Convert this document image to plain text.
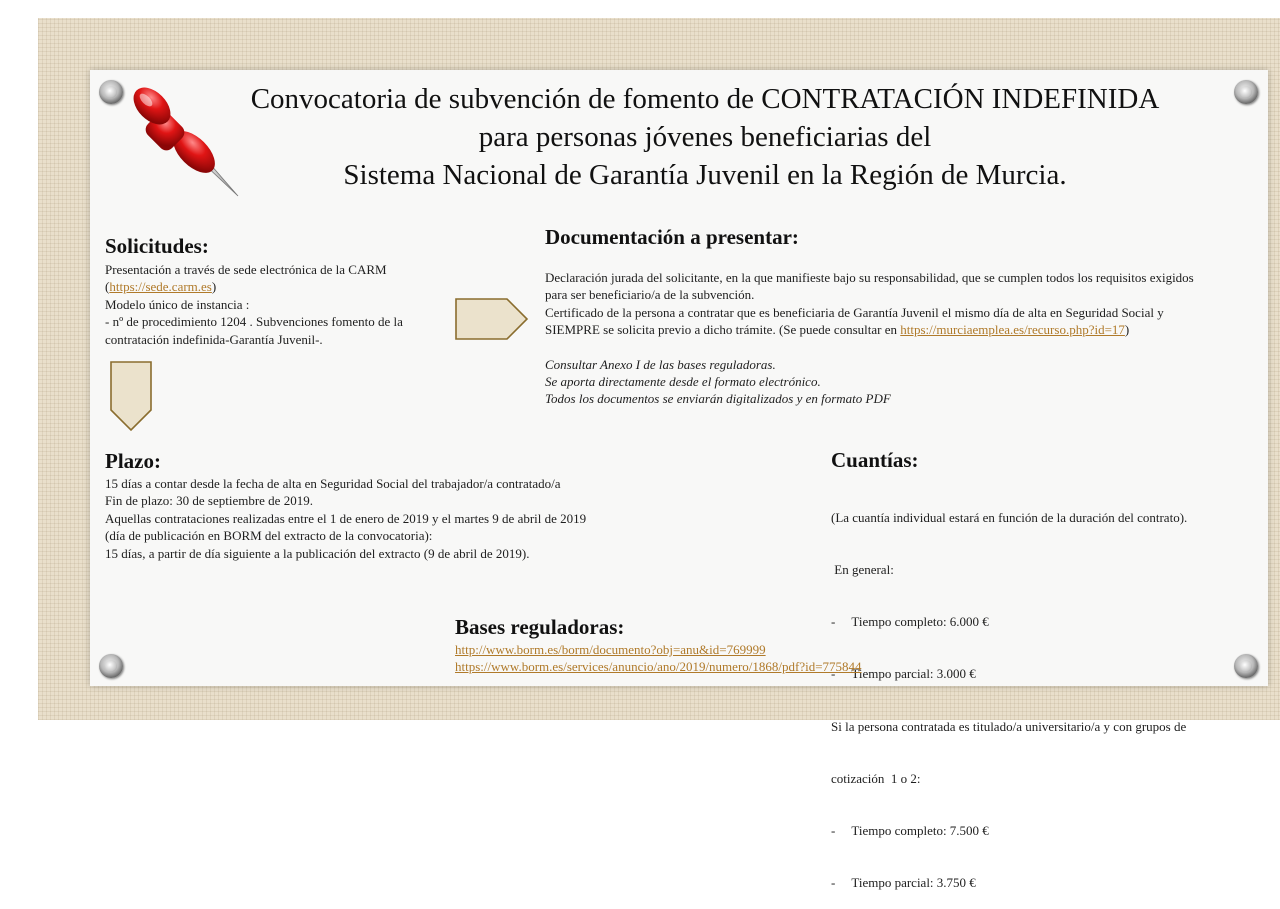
Convocatoria de subvención de fomento de CONTRATACIÓN INDEFINIDA
para personas jóvenes beneficiarias del
Sistema Nacional de Garantía Juvenil en la Región de Murcia.
Solicitudes:

Presentación a través de sede electrónica de la CARM

(https://sede.carm.es)

Modelo único de instancia :

- nº de procedimiento 1204 . Subvenciones fomento de la

contratación indefinida-Garantía Juvenil-.

Documentación a presentar:

Declaración jurada del solicitante, en la que manifieste bajo su responsabilidad, que se cumplen todos los requisitos exigidos

para ser beneficiario/a de la subvención.

Certificado de la persona a contratar que es beneficiaria de Garantía Juvenil el mismo día de alta en Seguridad Social y

SIEMPRE se solicita previo a dicho trámite. (Se puede consultar en https://murciaemplea.es/recurso.php?id=17)

Consultar Anexo I de las bases reguladoras.

Se aporta directamente desde el formato electrónico.

Todos los documentos se enviarán digitalizados y en formato PDF

Plazo:

15 días a contar desde la fecha de alta en Seguridad Social del trabajador/a contratado/a

Fin de plazo: 30 de septiembre de 2019.

Aquellas contrataciones realizadas entre el 1 de enero de 2019 y el martes 9 de abril de 2019

(día de publicación en BORM del extracto de la convocatoria):

15 días, a partir de día siguiente a la publicación del extracto (9 de abril de 2019).

Cuantías:

(La cuantía individual estará en función de la duración del contrato).

En general:

-     Tiempo completo: 6.000 €

-     Tiempo parcial: 3.000 €

Si la persona contratada es titulado/a universitario/a y con grupos de

cotización  1 o 2:

-     Tiempo completo: 7.500 €

-     Tiempo parcial: 3.750 €

Bases reguladoras:

http://www.borm.es/borm/documento?obj=anu&id=769999

https://www.borm.es/services/anuncio/ano/2019/numero/1868/pdf?id=775844
